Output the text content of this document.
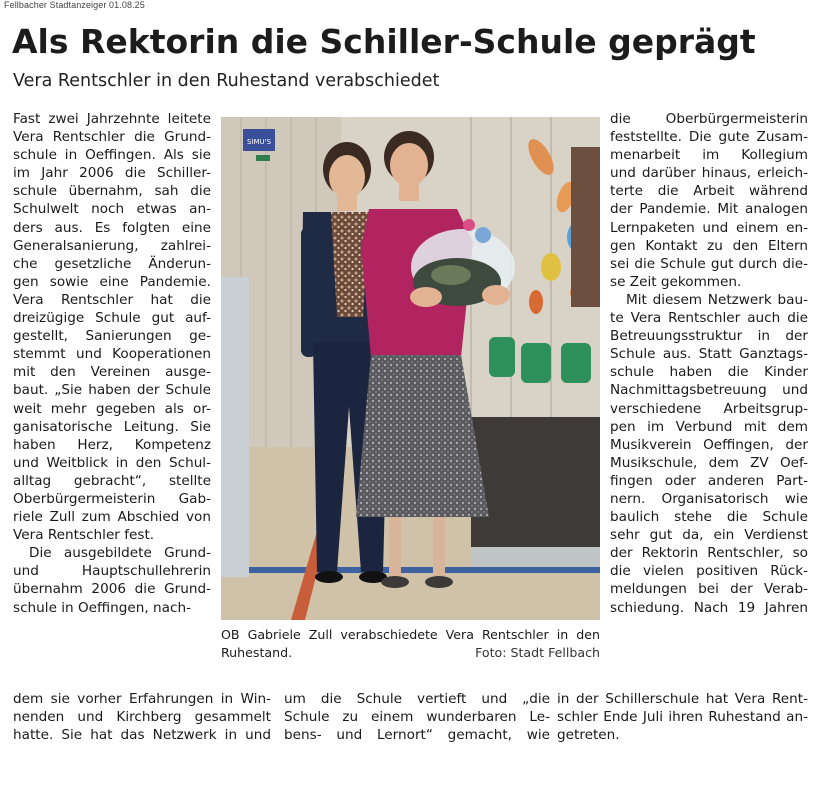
Fellbacher Stadtanzeiger 01.08.25
Als Rektorin die Schiller-Schule geprägt
Vera Rentschler in den Ruhestand verabschiedet
Fast zwei Jahrzehnte leitete
Vera Rentschler die Grund-
schule in Oeffingen. Als sie
im Jahr 2006 die Schiller-
schule übernahm, sah die
Schulwelt noch etwas an-
ders aus. Es folgten eine
Generalsanierung, zahlrei-
che gesetzliche Änderun-
gen sowie eine Pandemie.
Vera Rentschler hat die
dreizügige Schule gut auf-
gestellt, Sanierungen ge-
stemmt und Kooperationen
mit den Vereinen ausge-
baut. „Sie haben der Schule
weit mehr gegeben als or-
ganisatorische Leitung. Sie
haben Herz, Kompetenz
und Weitblick in den Schul-
alltag gebracht“, stellte
Oberbürgermeisterin Gab-
riele Zull zum Abschied von
Vera Rentschler fest.
Die ausgebildete Grund-
und Hauptschullehrerin
übernahm 2006 die Grund-
schule in Oeffingen, nach-
dem sie vorher Erfahrungen in Win-
nenden und Kirchberg gesammelt
hatte. Sie hat das Netzwerk in und
um die Schule vertieft und „die
Schule zu einem wunderbaren Le-
bens- und Lernort“ gemacht, wie
die Oberbürgermeisterin
feststellte. Die gute Zusam-
menarbeit im Kollegium
und darüber hinaus, erleich-
terte die Arbeit während
der Pandemie. Mit analogen
Lernpaketen und einem en-
gen Kontakt zu den Eltern
sei die Schule gut durch die-
se Zeit gekommen.
Mit diesem Netzwerk bau-
te Vera Rentschler auch die
Betreuungsstruktur in der
Schule aus. Statt Ganztags-
schule haben die Kinder
Nachmittagsbetreuung und
verschiedene Arbeitsgrup-
pen im Verbund mit dem
Musikverein Oeffingen, der
Musikschule, dem ZV Oef-
fingen oder anderen Part-
nern. Organisatorisch wie
baulich stehe die Schule
sehr gut da, ein Verdienst
der Rektorin Rentschler, so
die vielen positiven Rück-
meldungen bei der Verab-
schiedung. Nach 19 Jahren
in der Schillerschule hat Vera Rent-
schler Ende Juli ihren Ruhestand an-
getreten.
SIMU'S
OB Gabriele Zull verabschiedete Vera Rentschler in den
Ruhestand.	Foto: Stadt Fellbach
